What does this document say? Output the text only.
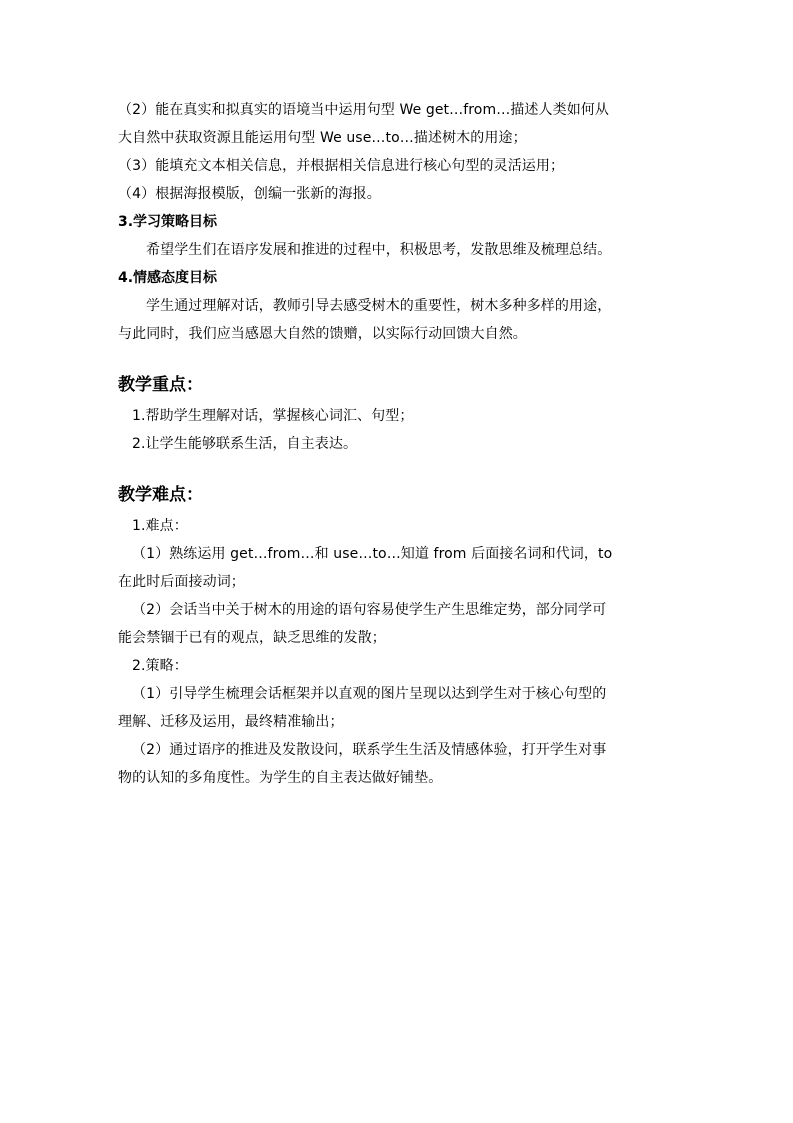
（2）能在真实和拟真实的语境当中运用句型 We get…from…描述人类如何从
大自然中获取资源且能运用句型 We use…to…描述树木的用途；
（3）能填充文本相关信息，并根据相关信息进行核心句型的灵活运用；
（4）根据海报模版，创编一张新的海报。
3.学习策略目标
希望学生们在语序发展和推进的过程中，积极思考，发散思维及梳理总结。
4.情感态度目标
学生通过理解对话，教师引导去感受树木的重要性，树木多种多样的用途，
与此同时，我们应当感恩大自然的馈赠，以实际行动回馈大自然。
教学重点：
1.帮助学生理解对话，掌握核心词汇、句型；
2.让学生能够联系生活，自主表达。
教学难点：
1.难点：
（1）熟练运用 get…from…和 use…to…知道 from 后面接名词和代词，to
在此时后面接动词；
（2）会话当中关于树木的用途的语句容易使学生产生思维定势，部分同学可
能会禁锢于已有的观点，缺乏思维的发散；
2.策略：
（1）引导学生梳理会话框架并以直观的图片呈现以达到学生对于核心句型的
理解、迁移及运用，最终精准输出；
（2）通过语序的推进及发散设问，联系学生生活及情感体验，打开学生对事
物的认知的多角度性。为学生的自主表达做好铺垫。
